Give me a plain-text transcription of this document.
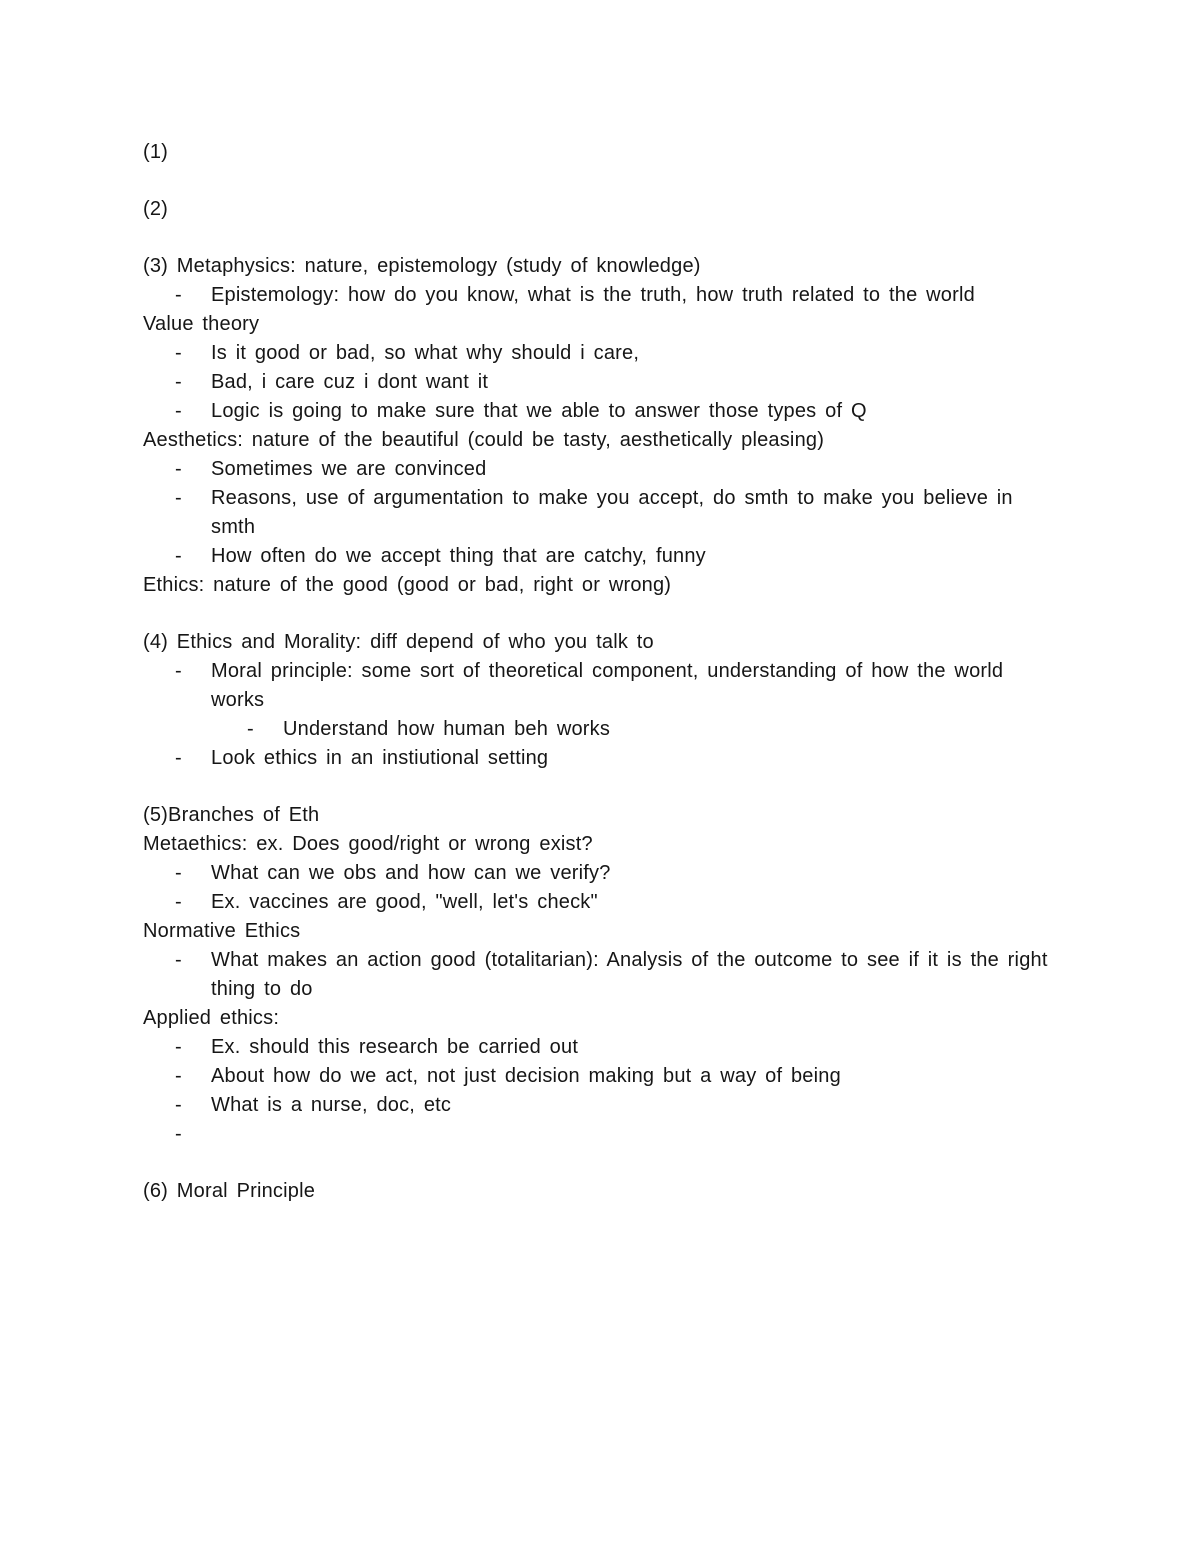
(1)

(2)

(3) Metaphysics: nature, epistemology (study of knowledge)

-	Epistemology: how do you know, what is the truth, how truth related to the world

Value theory

-	Is it good or bad, so what why should i care,
-	Bad, i care cuz i dont want it
-	Logic is going to make sure that we able to answer those types of Q

Aesthetics: nature of the beautiful (could be tasty, aesthetically pleasing)

-	Sometimes we are convinced
-	Reasons, use of argumentation to make you accept, do smth to make you believe in smth
-	How often do we accept thing that are catchy, funny

Ethics: nature of the good (good or bad, right or wrong)

(4) Ethics and Morality: diff depend of who you talk to

-	Moral principle: some sort of theoretical component, understanding of how the world works
-	Understand how human beh works
-	Look ethics in an instiutional setting

(5)Branches of Eth

Metaethics: ex. Does good/right or wrong exist?

-	What can we obs and how can we verify?
-	Ex. vaccines are good, "well, let's check"

Normative Ethics

-	What makes an action good (totalitarian): Analysis of the outcome to see if it is the right thing to do

Applied ethics:

-	Ex. should this research be carried out
-	About how do we act, not just decision making but a way of being
-	What is a nurse, doc, etc
-

(6) Moral Principle
